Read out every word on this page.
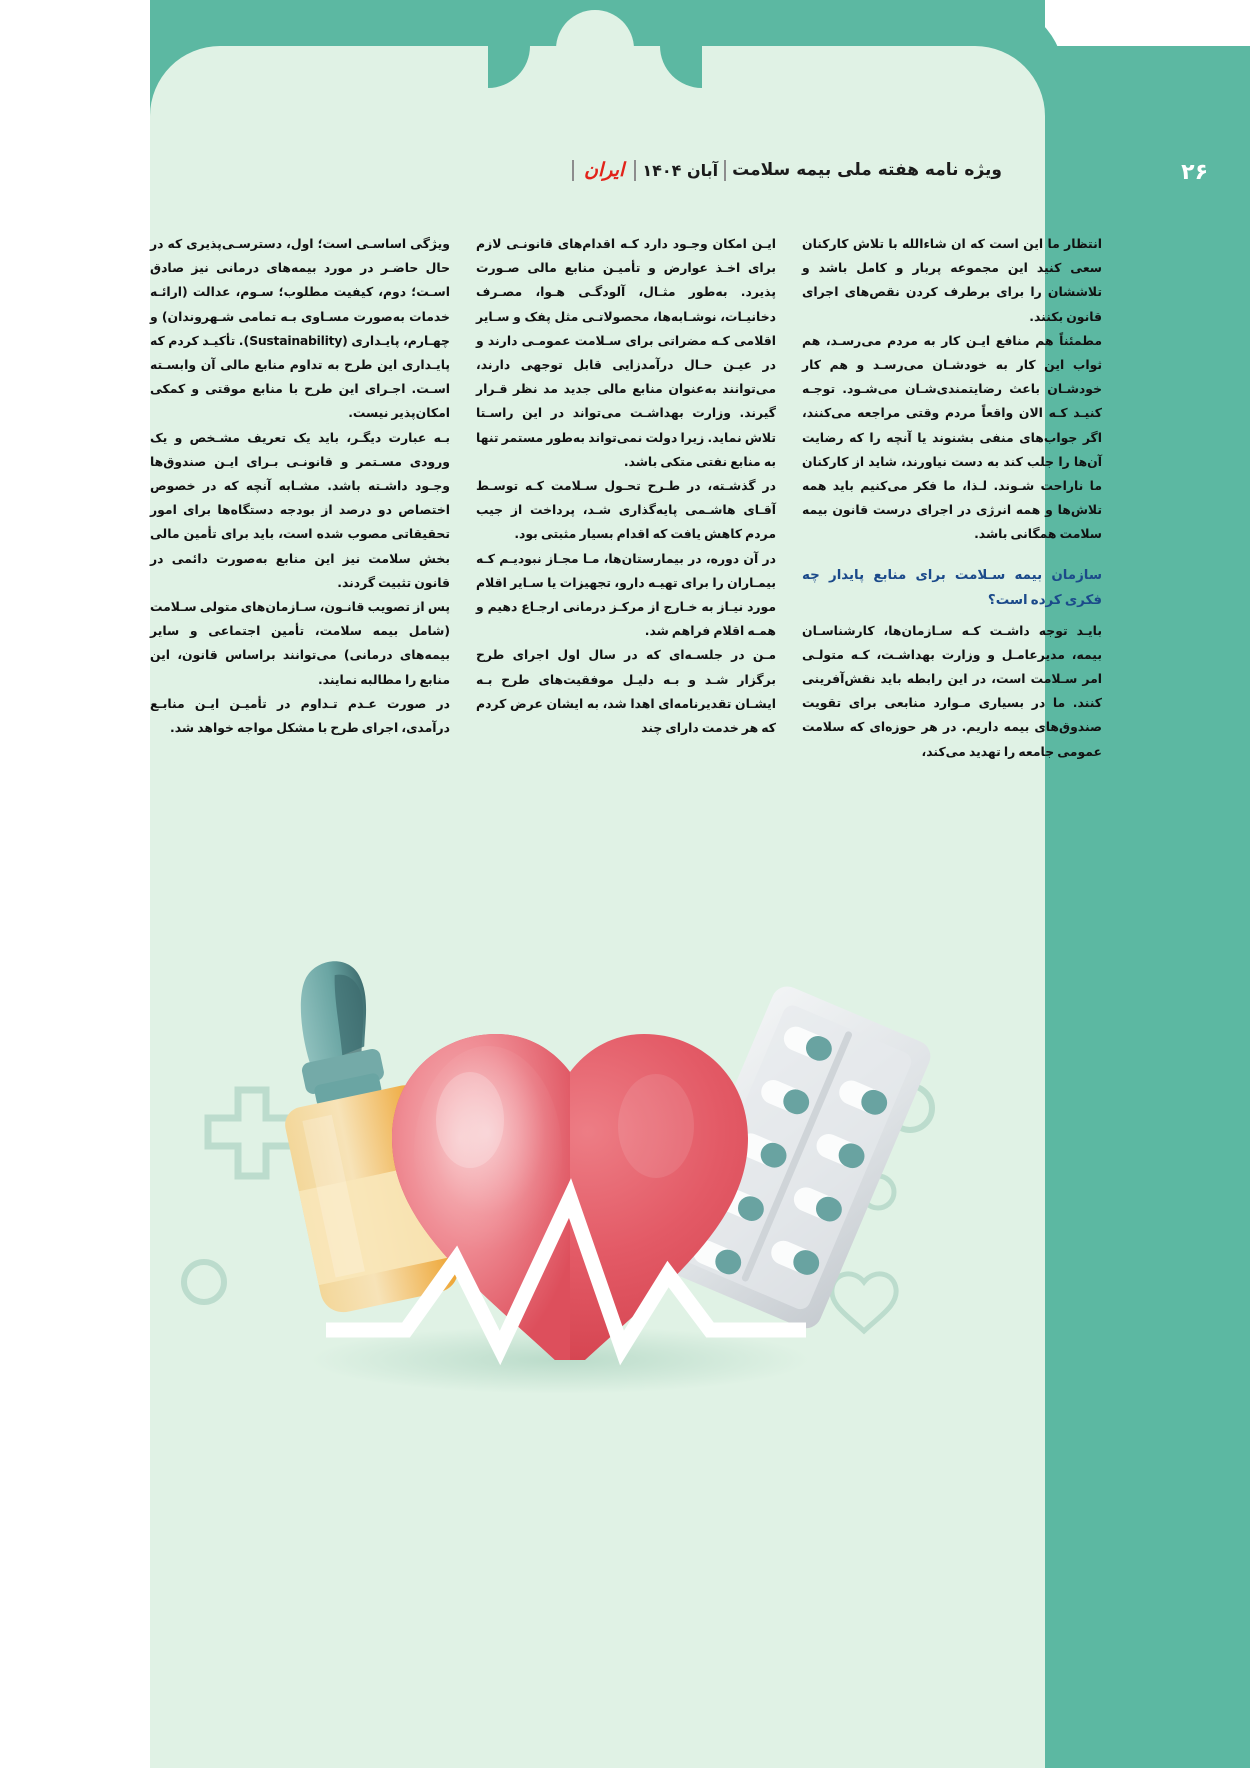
ویژه نامه هفته ملی بیمه سلامت
آبان ۱۴۰۴
ایران	۲۶

انتظار ما این است که ان شاءالله با تلاش کارکنان سعی کنید این مجموعه پربار و کامل باشد و تلاششان را برای برطرف کردن نقص‌های اجرای قانون بکنند.

مطمئناً هم منافع ایـن کار به مردم می‌رسـد، هم ثواب این کار به خودشـان می‌رسـد و هم کار خودشـان باعث رضایتمندی‌شـان می‌شـود. توجـه کنیـد کـه الان واقعاً مردم وقتی مراجعه می‌کنند، اگر جواب‌های منفی بشنوند یا آنچه را که رضایت آن‌ها را جلب کند به دست نیاورند، شاید از کارکنان ما ناراحت شـوند. لـذا، ما فکر می‌کنیم باید همه تلاش‌ها و همه انرژی در اجرای درست قانون بیمه سلامت همگانی باشد.

سازمان بیمه سـلامت برای منابع پایدار چه فکری کرده است؟

بایـد توجه داشـت کـه سـازمان‌ها، کارشناسـان بیمه، مدیرعامـل و وزارت بهداشـت، کـه متولـی امر سـلامت است، در این رابطه باید نقش‌آفرینی کنند. ما در بسیاری مـوارد منابعی برای تقویت صندوق‌های بیمه داریم. در هر حوزه‌ای که سلامت عمومی جامعه را تهدید می‌کند،

ایـن امکان وجـود دارد کـه اقدام‌های قانونـی لازم برای اخـذ عوارض و تأمیـن منابع مالی صـورت پذیرد. به‌طور مثـال، آلودگـی هـوا، مصـرف دخانیـات، نوشـابه‌ها، محصولاتـی مثل پفک و سـایر اقلامی کـه مضراتی برای سـلامت عمومـی دارند و در عیـن حـال درآمدزایی قابل توجهی دارند، می‌توانند به‌عنوان منابع مالی جدید مد نظر قـرار گیرند. وزارت بهداشـت می‌تواند در این راسـتا تلاش نماید. زیرا دولت نمی‌تواند به‌طور مستمر تنها به منابع نفتی متکی باشد.

در گذشـته، در طـرح تحـول سـلامت کـه توسـط آقـای هاشـمی پایه‌گذاری شـد، پرداخت از جیب مردم کاهش یافت که اقدام بسیار مثبتی بود.

در آن دوره، در بیمارستان‌ها، مـا مجـاز نبودیـم کـه بیمـاران را برای تهیـه دارو، تجهیزات یا سـایر اقلام مورد نیـاز به خـارج از مرکـز درمانی ارجـاع دهیم و همـه اقلام فراهم شد.

مـن در جلسـه‌ای که در سال اول اجرای طرح برگزار شـد و بـه دلیـل موفقیت‌های طرح بـه ایشـان تقدیرنامه‌ای اهدا شد، به ایشان عرض کردم که هر خدمت دارای چند

ویژگی اساسـی است؛ اول، دسترسـی‌پذیری که در حال حاضـر در مورد بیمه‌های درمانی نیز صادق اسـت؛ دوم، کیفیت مطلوب؛ سـوم، عدالت (ارائـه خدمات به‌صورت مسـاوی بـه تمامی شـهروندان) و چهـارم، پایـداری (Sustainability). تأکیـد کردم که پایـداری این طرح به تداوم منابع مالی آن وابسـته اسـت. اجـرای این طرح با منابع موقتی و کمکی امکان‌پذیر نیست.

بـه عبارت دیگـر، باید یک تعریف مشـخص و یک ورودی مسـتمر و قانونـی بـرای ایـن صندوق‌ها وجـود داشـته باشد. مشـابه آنچه که در خصوص اختصاص دو درصد از بودجه دستگاه‌ها برای امور تحقیقاتی مصوب شده است، باید برای تأمین مالی بخش سلامت نیز این منابع به‌صورت دائمی در قانون تثبیت گردند.

پس از تصویب قانـون، سـازمان‌های متولی سـلامت (شامل بیمه سلامت، تأمین اجتماعی و سایر بیمه‌های درمانی) می‌توانند براساس قانون، این منابع را مطالبه نمایند.

در صورت عـدم تـداوم در تأمیـن ایـن منابـع درآمدی، اجرای طرح با مشکل مواجه خواهد شد.
